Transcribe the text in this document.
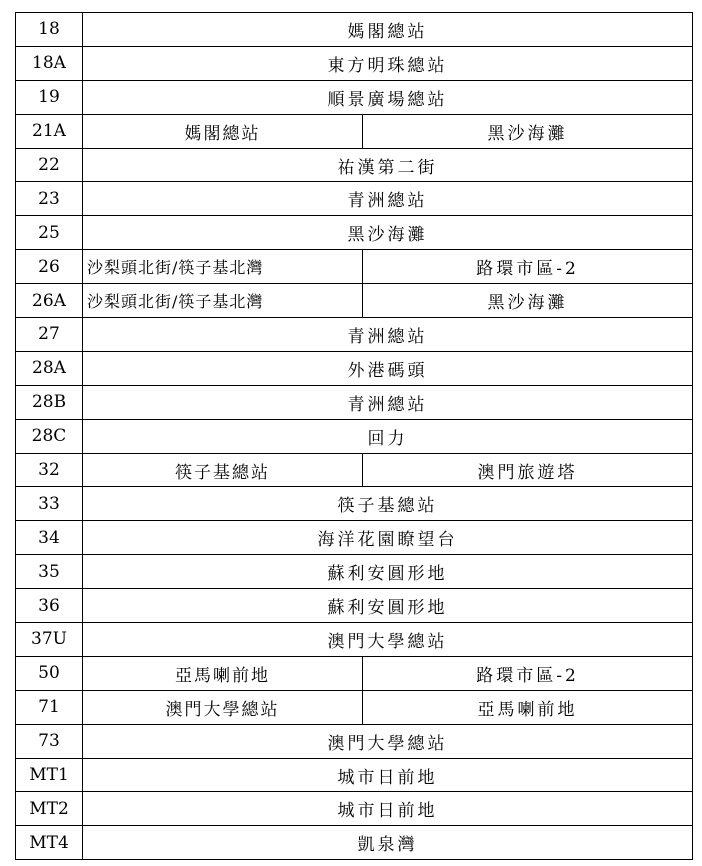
18	媽閣總站	
18A	東方明珠總站	
19	順景廣場總站	
21A	媽閣總站	黑沙海灘
22	祐漢第二街	
23	青洲總站	
25	黑沙海灘	
26	沙梨頭北街/筷子基北灣	路環市區-2
26A	沙梨頭北街/筷子基北灣	黑沙海灘
27	青洲總站	
28A	外港碼頭	
28B	青洲總站	
28C	回力	
32	筷子基總站	澳門旅遊塔
33	筷子基總站	
34	海洋花園瞭望台	
35	蘇利安圓形地	
36	蘇利安圓形地	
37U	澳門大學總站	
50	亞馬喇前地	路環市區-2
71	澳門大學總站	亞馬喇前地
73	澳門大學總站	
MT1	城市日前地	
MT2	城市日前地	
MT4	凱泉灣	
